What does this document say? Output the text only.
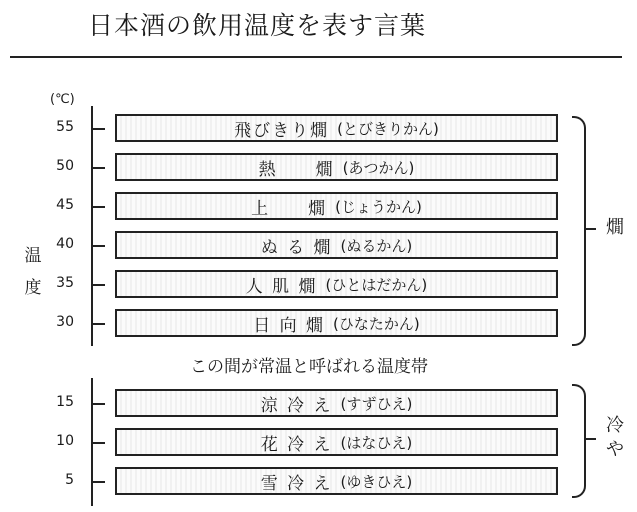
日本酒の飲用温度を表す言葉
(℃)
温度
55	飛びきり燗 (とびきりかん)
50	熱　　燗 (あつかん)
45	上　　燗 (じょうかん)
40	ぬ る 燗 (ぬるかん)
35	人 肌 燗 (ひとはだかん)
30	日 向 燗 (ひなたかん)
15	涼 冷 え (すずひえ)
10	花 冷 え (はなひえ)
5	雪 冷 え (ゆきひえ)
この間が常温と呼ばれる温度帯
燗
冷や
